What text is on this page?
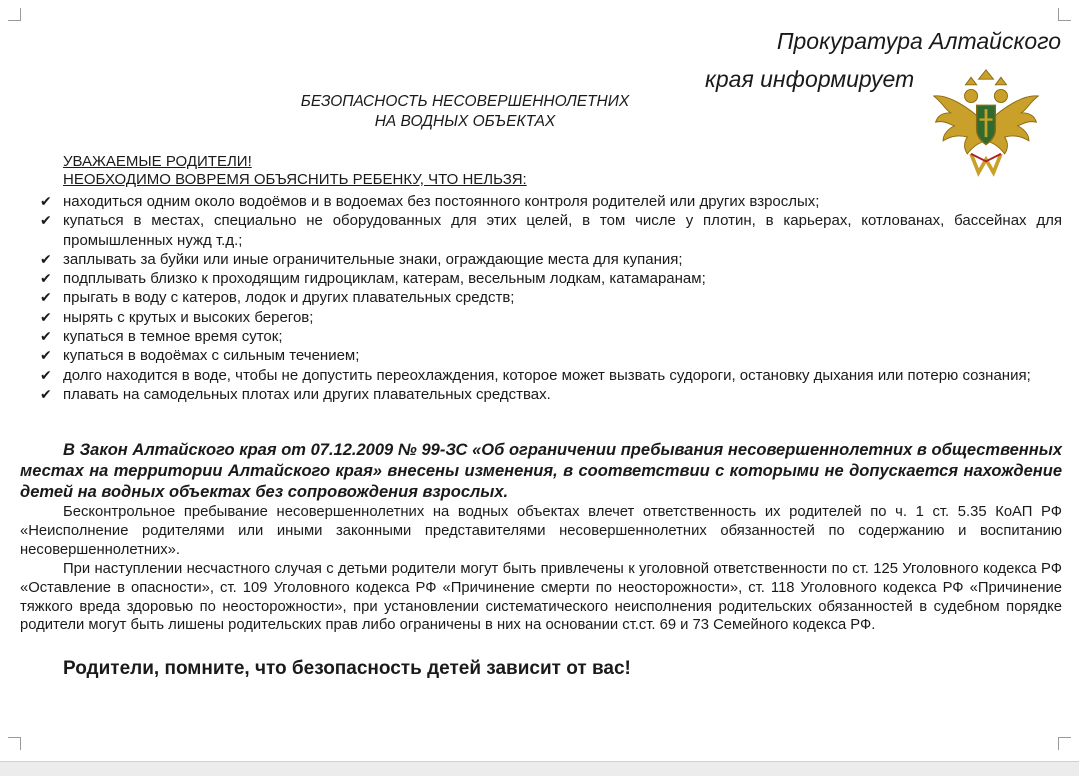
Прокуратура Алтайского
края информирует
БЕЗОПАСНОСТЬ НЕСОВЕРШЕННОЛЕТНИХ
НА ВОДНЫХ ОБЪЕКТАХ
УВАЖАЕМЫЕ РОДИТЕЛИ!
НЕОБХОДИМО ВОВРЕМЯ ОБЪЯСНИТЬ РЕБЕНКУ, ЧТО НЕЛЬЗЯ:
✔ находиться одним около водоёмов и в водоемах без постоянного контроля родителей или других взрослых;
✔ купаться в местах, специально не оборудованных для этих целей, в том числе у плотин, в карьерах, котлованах, бассейнах для промышленных нужд т.д.;
✔ заплывать за буйки или иные ограничительные знаки, ограждающие места для купания;
✔ подплывать близко к проходящим гидроциклам, катерам, весельным лодкам, катамаранам;
✔ прыгать в воду с катеров, лодок и других плавательных средств;
✔ нырять с крутых и высоких берегов;
✔ купаться в темное время суток;
✔ купаться в водоёмах с сильным течением;
✔ долго находится в воде, чтобы не допустить переохлаждения, которое может вызвать судороги, остановку дыхания или потерю сознания;
✔ плавать на самодельных плотах или других плавательных средствах.

В Закон Алтайского края от 07.12.2009 № 99-ЗС «Об ограничении пребывания несовершеннолетних в общественных местах на территории Алтайского края» внесены изменения, в соответствии с которыми не допускается нахождение детей на водных объектах без сопровождения взрослых.

Бесконтрольное пребывание несовершеннолетних на водных объектах влечет ответственность их родителей по ч. 1 ст. 5.35 КоАП РФ «Неисполнение родителями или иными законными представителями несовершеннолетних обязанностей по содержанию и воспитанию несовершеннолетних».

При наступлении несчастного случая с детьми родители могут быть привлечены к уголовной ответственности по ст. 125 Уголовного кодекса РФ «Оставление в опасности», ст. 109 Уголовного кодекса РФ «Причинение смерти по неосторожности», ст. 118 Уголовного кодекса РФ «Причинение тяжкого вреда здоровью по неосторожности», при установлении систематического неисполнения родительских обязанностей в судебном порядке родители могут быть лишены родительских прав либо ограничены в них на основании ст.ст. 69 и 73 Семейного кодекса РФ.

Родители, помните, что безопасность детей зависит от вас!
